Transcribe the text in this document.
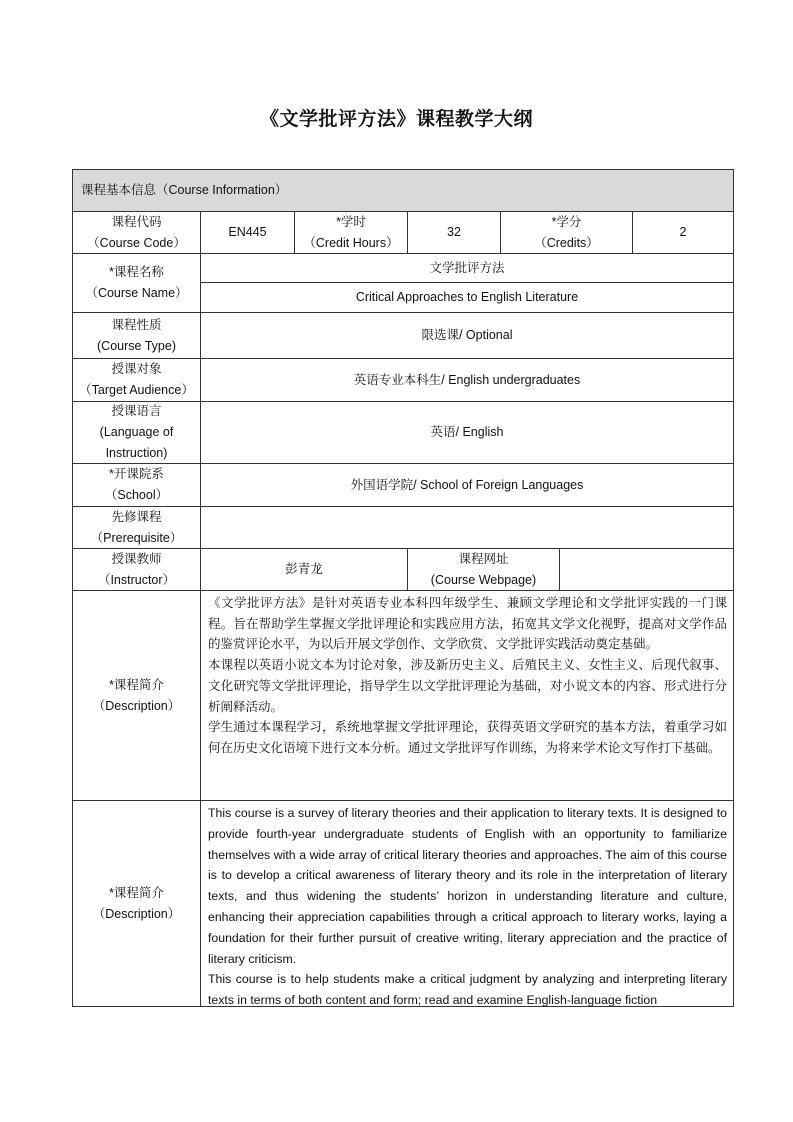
《文学批评方法》课程教学大纲
课程基本信息（Course Information）
课程代码
（Course Code）
EN445
*学时
（Credit Hours）
32
*学分
（Credits）
2
*课程名称
（Course Name）
文学批评方法
Critical Approaches to English Literature
课程性质
(Course Type)
限选课/ Optional
授课对象
（Target Audience）
英语专业本科生/ English undergraduates
授课语言
(Language of
Instruction)
英语/ English
*开课院系
（School）
外国语学院/ School of Foreign Languages
先修课程
（Prerequisite）
授课教师
（Instructor）
彭青龙
课程网址
(Course Webpage)
*课程简介
（Description）

《文学批评方法》是针对英语专业本科四年级学生、兼顾文学理论和文学批评实践的一门课程。旨在帮助学生掌握文学批评理论和实践应用方法，拓宽其文学文化视野，提高对文学作品的鉴赏评论水平，为以后开展文学创作、文学欣赏、文学批评实践活动奠定基础。

本课程以英语小说文本为讨论对象，涉及新历史主义、后殖民主义、女性主义、后现代叙事、文化研究等文学批评理论，指导学生以文学批评理论为基础，对小说文本的内容、形式进行分析阐释活动。

学生通过本课程学习，系统地掌握文学批评理论，获得英语文学研究的基本方法，着重学习如何在历史文化语境下进行文本分析。通过文学批评写作训练，为将来学术论文写作打下基础。

*课程简介
（Description）

This course is a survey of literary theories and their application to literary texts. It is designed to provide fourth-year undergraduate students of English with an opportunity to familiarize themselves with a wide array of critical literary theories and approaches. The aim of this course is to develop a critical awareness of literary theory and its role in the interpretation of literary texts, and thus widening the students’ horizon in understanding literature and culture, enhancing their appreciation capabilities through a critical approach to literary works, laying a foundation for their further pursuit of creative writing, literary appreciation and the practice of literary criticism.

This course is to help students make a critical judgment by analyzing and interpreting literary texts in terms of both content and form; read and examine English-language fiction
